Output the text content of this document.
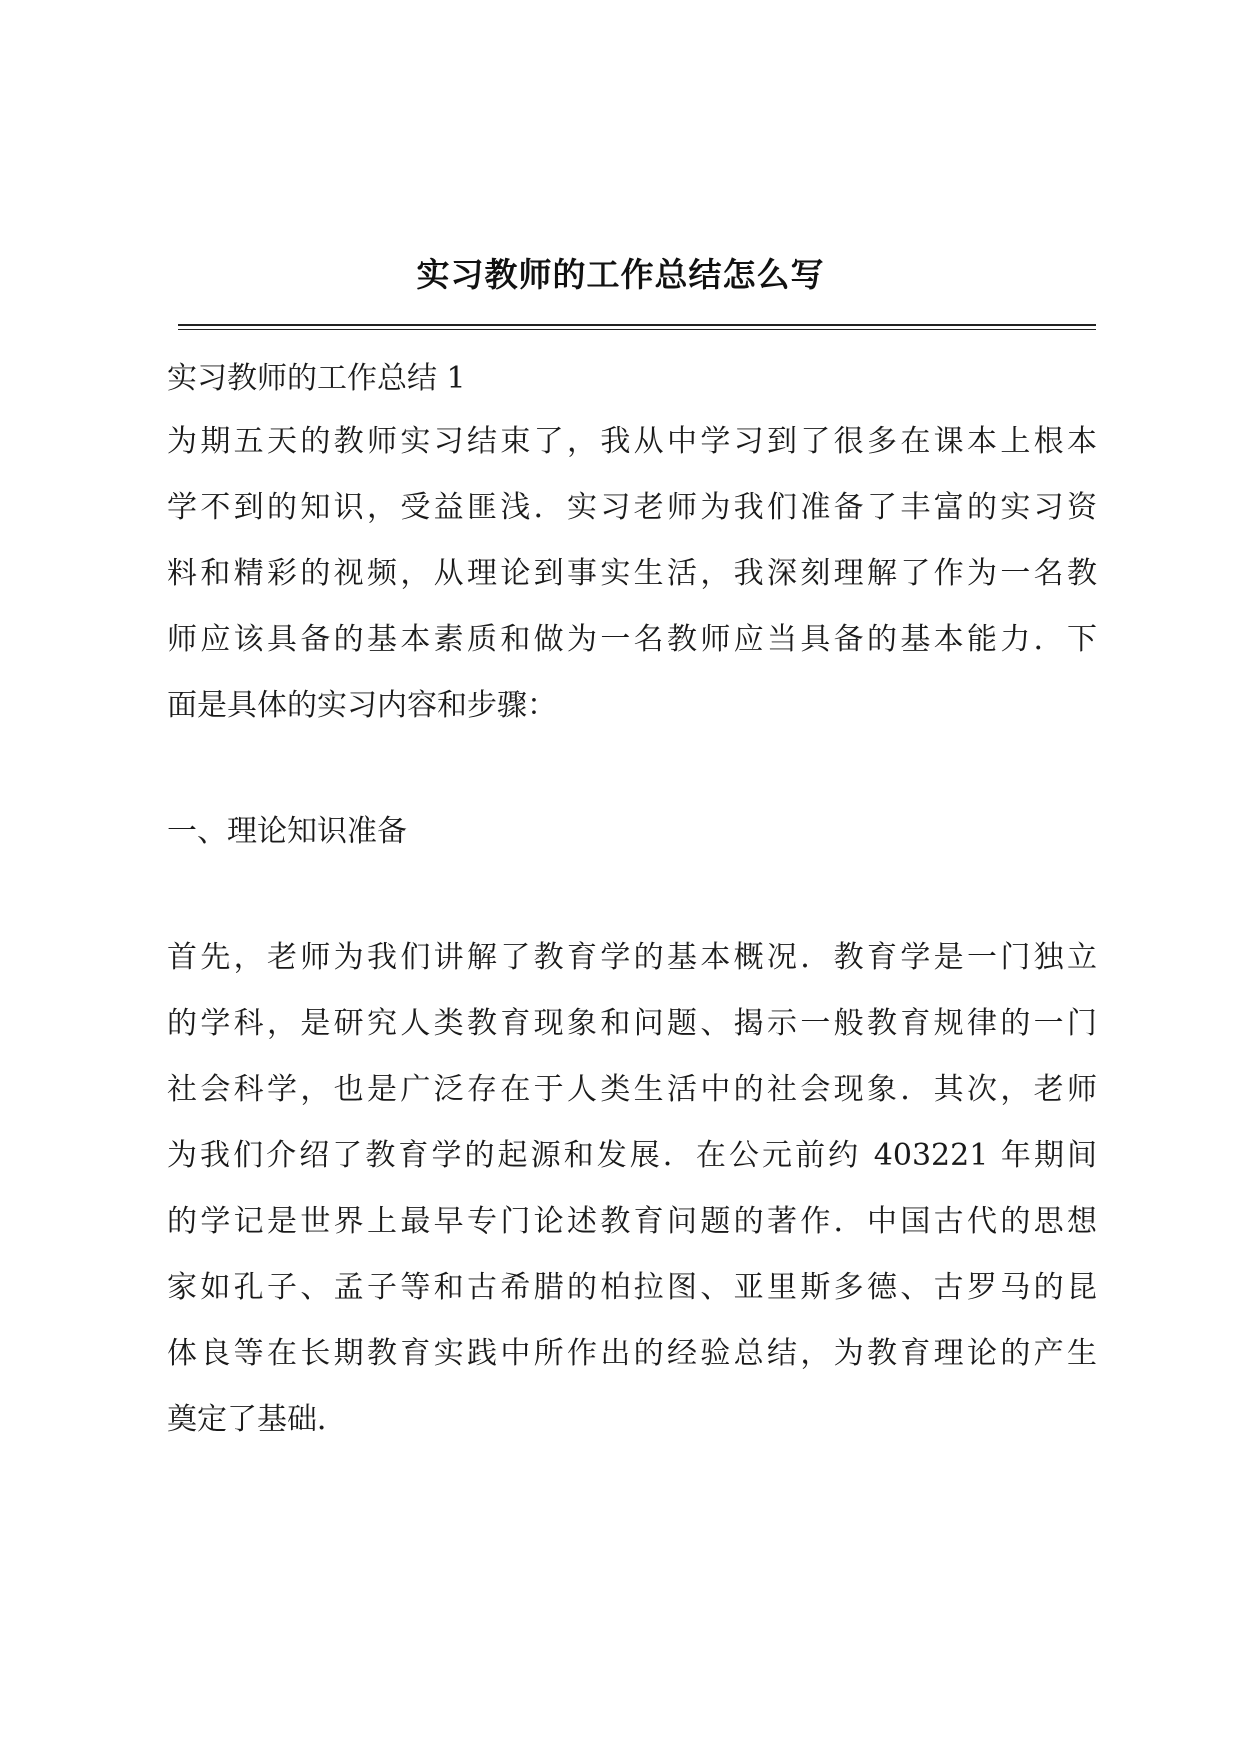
实习教师的工作总结怎么写
实习教师的工作总结 1
为期五天的教师实习结束了，我从中学习到了很多在课本上根本
学不到的知识，受益匪浅．实习老师为我们准备了丰富的实习资
料和精彩的视频，从理论到事实生活，我深刻理解了作为一名教
师应该具备的基本素质和做为一名教师应当具备的基本能力．下
面是具体的实习内容和步骤：
一、理论知识准备
首先，老师为我们讲解了教育学的基本概况．教育学是一门独立
的学科，是研究人类教育现象和问题、揭示一般教育规律的一门
社会科学，也是广泛存在于人类生活中的社会现象．其次，老师
为我们介绍了教育学的起源和发展．在公元前约 403221 年期间
的学记是世界上最早专门论述教育问题的著作．中国古代的思想
家如孔子、孟子等和古希腊的柏拉图、亚里斯多德、古罗马的昆
体良等在长期教育实践中所作出的经验总结，为教育理论的产生
奠定了基础．
